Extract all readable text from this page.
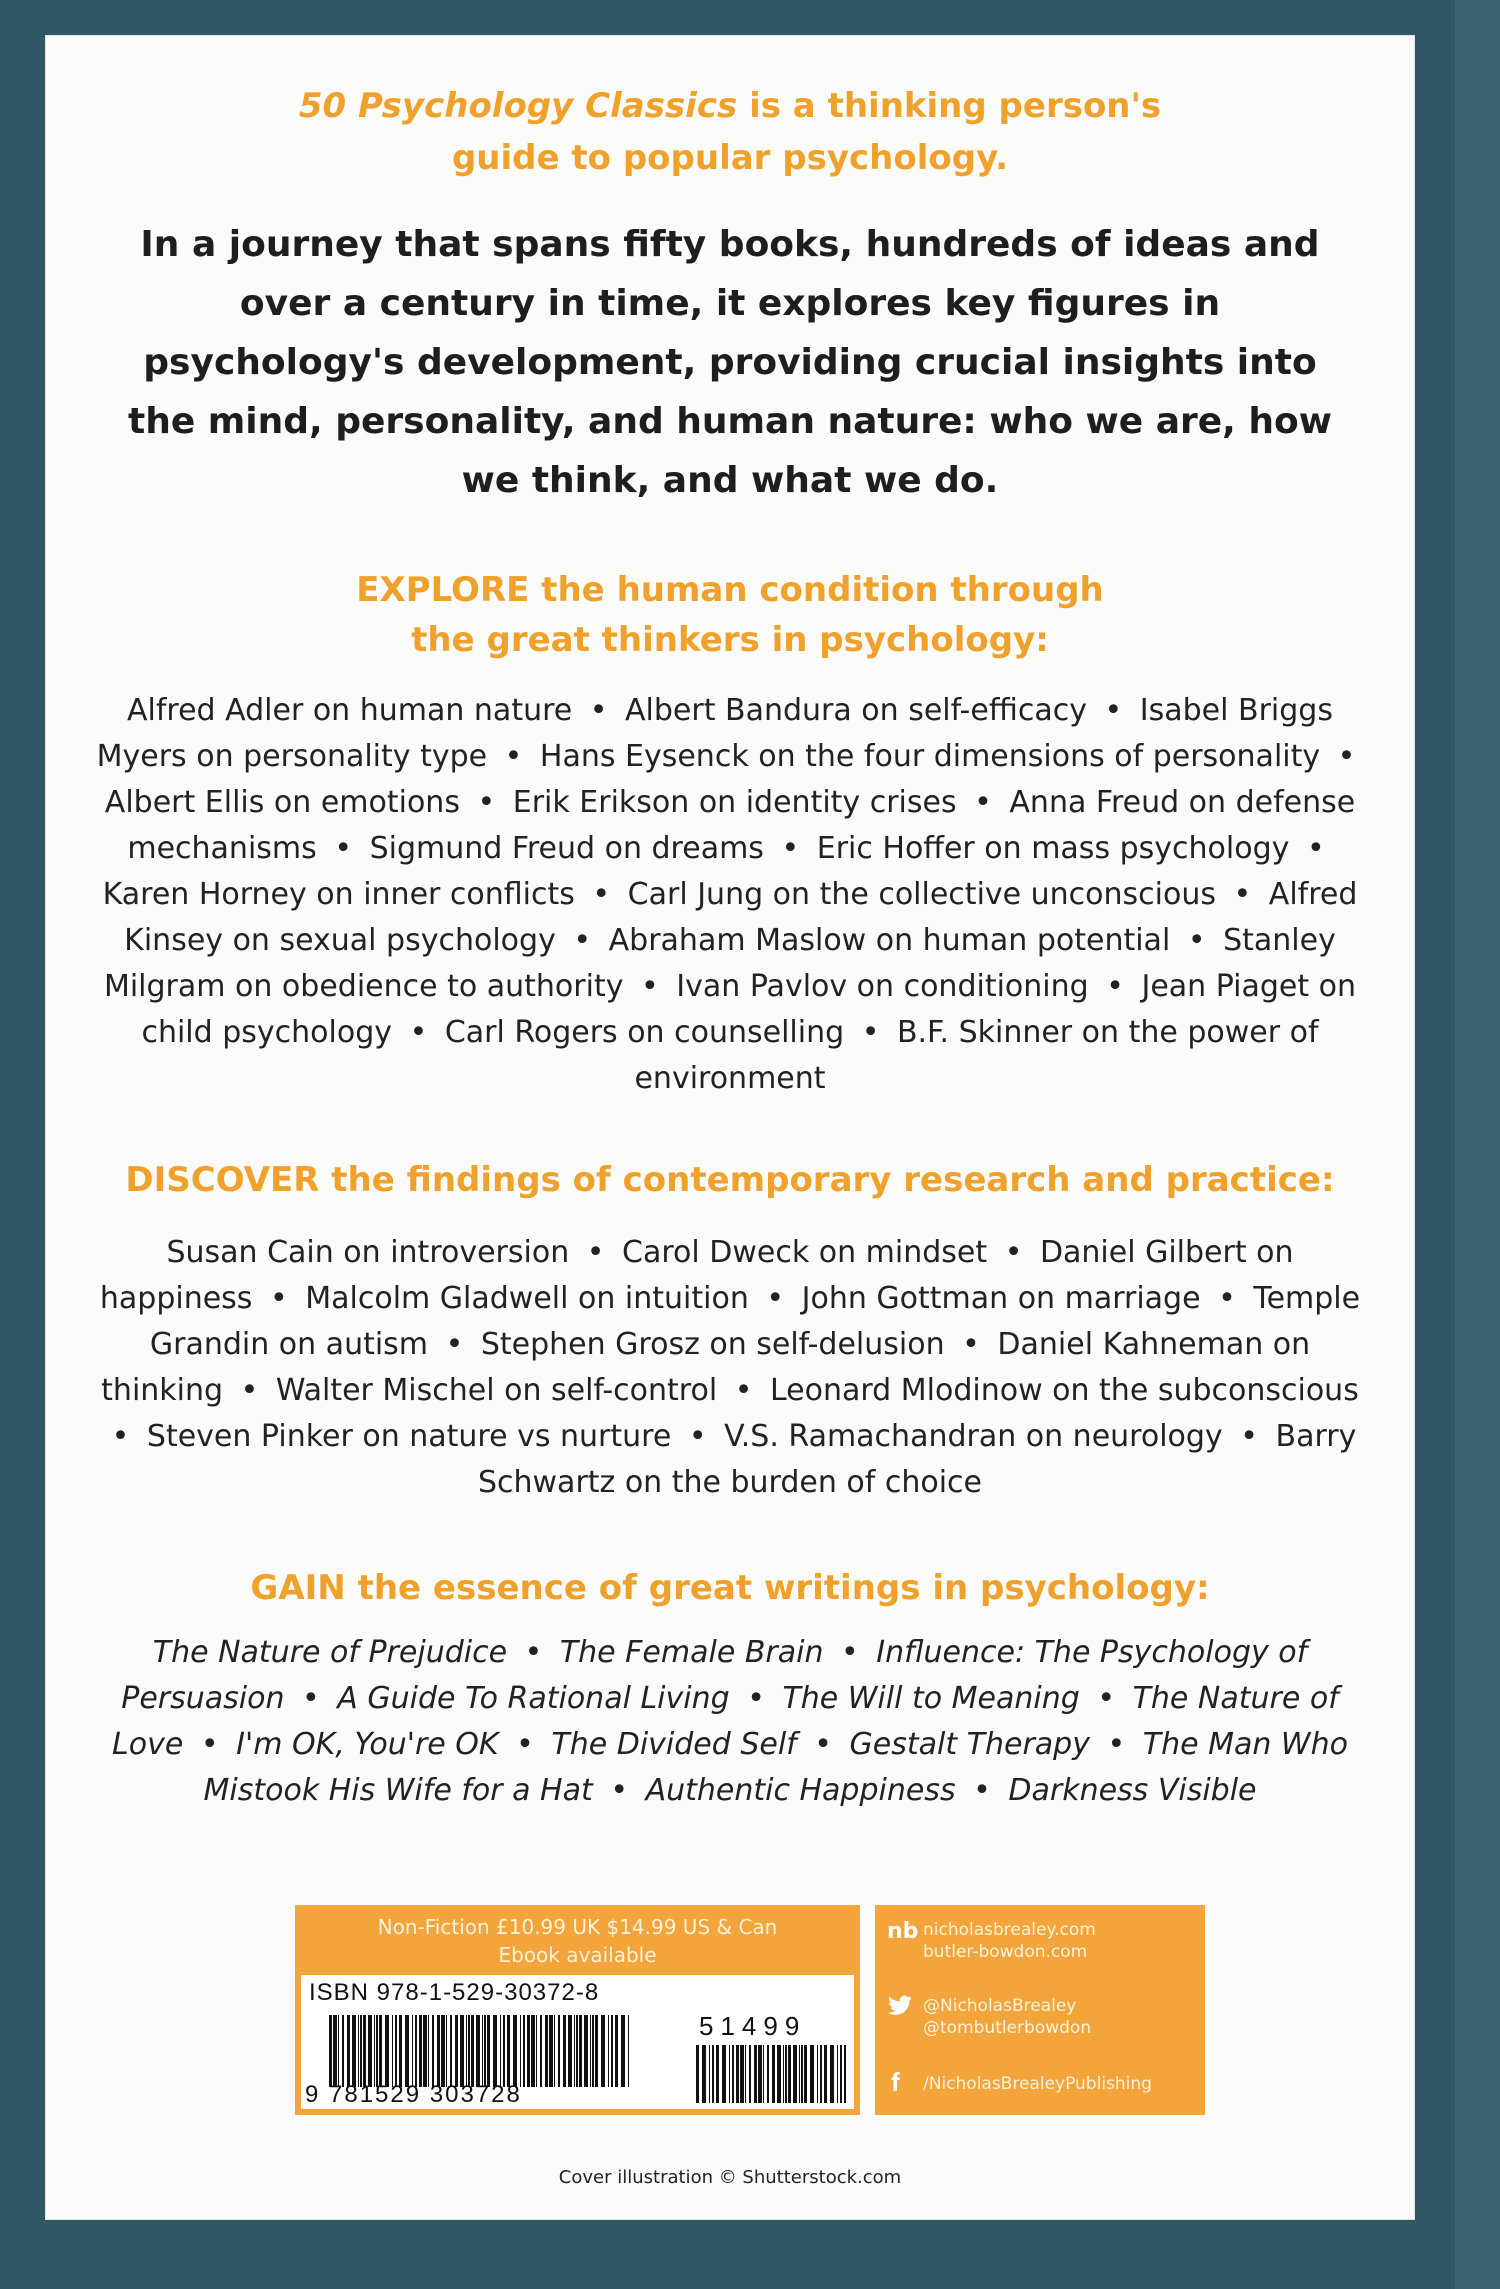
50 Psychology Classics is a thinking person's
guide to popular psychology.
In a journey that spans fifty books, hundreds of ideas and over a century in time, it explores key figures in psychology's development, providing crucial insights into the mind, personality, and human nature: who we are, how we think, and what we do.
EXPLORE the human condition through
the great thinkers in psychology:
Alfred Adler on human nature • Albert Bandura on self-efficacy • Isabel Briggs Myers on personality type • Hans Eysenck on the four dimensions of personality • Albert Ellis on emotions • Erik Erikson on identity crises • Anna Freud on defense mechanisms • Sigmund Freud on dreams • Eric Hoffer on mass psychology • Karen Horney on inner conflicts • Carl Jung on the collective unconscious • Alfred Kinsey on sexual psychology • Abraham Maslow on human potential • Stanley Milgram on obedience to authority • Ivan Pavlov on conditioning • Jean Piaget on child psychology • Carl Rogers on counselling • B.F. Skinner on the power of environment
DISCOVER the findings of contemporary research and practice:
Susan Cain on introversion • Carol Dweck on mindset • Daniel Gilbert on happiness • Malcolm Gladwell on intuition • John Gottman on marriage • Temple Grandin on autism • Stephen Grosz on self-delusion • Daniel Kahneman on thinking • Walter Mischel on self-control • Leonard Mlodinow on the subconscious • Steven Pinker on nature vs nurture • V.S. Ramachandran on neurology • Barry Schwartz on the burden of choice
GAIN the essence of great writings in psychology:
The Nature of Prejudice • The Female Brain • Influence: The Psychology of Persuasion • A Guide To Rational Living • The Will to Meaning • The Nature of Love • I'm OK, You're OK • The Divided Self • Gestalt Therapy • The Man Who Mistook His Wife for a Hat • Authentic Happiness • Darkness Visible
Non-Fiction £10.99 UK $14.99 US & Can
Ebook available
ISBN 978-1-529-30372-8
51499
9 781529 303728
nb nicholasbrealey.com
butler-bowdon.com
@NicholasBrealey
@tombutlerbowdon
f /NicholasBrealeyPublishing
Cover illustration © Shutterstock.com
